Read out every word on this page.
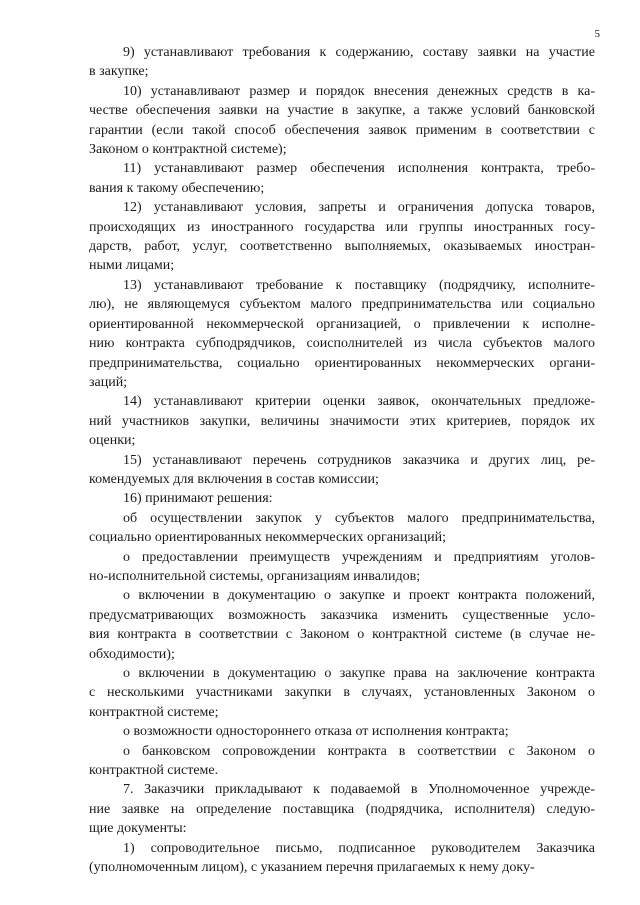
5
9) устанавливают требования к содержанию, составу заявки на участие
в закупке;
10) устанавливают размер и порядок внесения денежных средств в ка-
честве обеспечения заявки на участие в закупке, а также условий банковской
гарантии (если такой способ обеспечения заявок применим в соответствии с
Законом о контрактной системе);
11) устанавливают размер обеспечения исполнения контракта, требо-
вания к такому обеспечению;
12) устанавливают условия, запреты и ограничения допуска товаров,
происходящих из иностранного государства или группы иностранных госу-
дарств, работ, услуг, соответственно выполняемых, оказываемых иностран-
ными лицами;
13) устанавливают требование к поставщику (подрядчику, исполните-
лю), не являющемуся субъектом малого предпринимательства или социально
ориентированной некоммерческой организацией, о привлечении к исполне-
нию контракта субподрядчиков, соисполнителей из числа субъектов малого
предпринимательства, социально ориентированных некоммерческих органи-
заций;
14) устанавливают критерии оценки заявок, окончательных предложе-
ний участников закупки, величины значимости этих критериев, порядок их
оценки;
15) устанавливают перечень сотрудников заказчика и других лиц, ре-
комендуемых для включения в состав комиссии;
16) принимают решения:
об осуществлении закупок у субъектов малого предпринимательства,
социально ориентированных некоммерческих организаций;
о предоставлении преимуществ учреждениям и предприятиям уголов-
но-исполнительной системы, организациям инвалидов;
о включении в документацию о закупке и проект контракта положений,
предусматривающих возможность заказчика изменить существенные усло-
вия контракта в соответствии с Законом о контрактной системе (в случае не-
обходимости);
о включении в документацию о закупке права на заключение контракта
с несколькими участниками закупки в случаях, установленных Законом о
контрактной системе;
о возможности одностороннего отказа от исполнения контракта;
о банковском сопровождении контракта в соответствии с Законом о
контрактной системе.
7. Заказчики прикладывают к подаваемой в Уполномоченное учрежде-
ние заявке на определение поставщика (подрядчика, исполнителя) следую-
щие документы:
1) сопроводительное письмо, подписанное руководителем Заказчика
(уполномоченным лицом), с указанием перечня прилагаемых к нему доку-
